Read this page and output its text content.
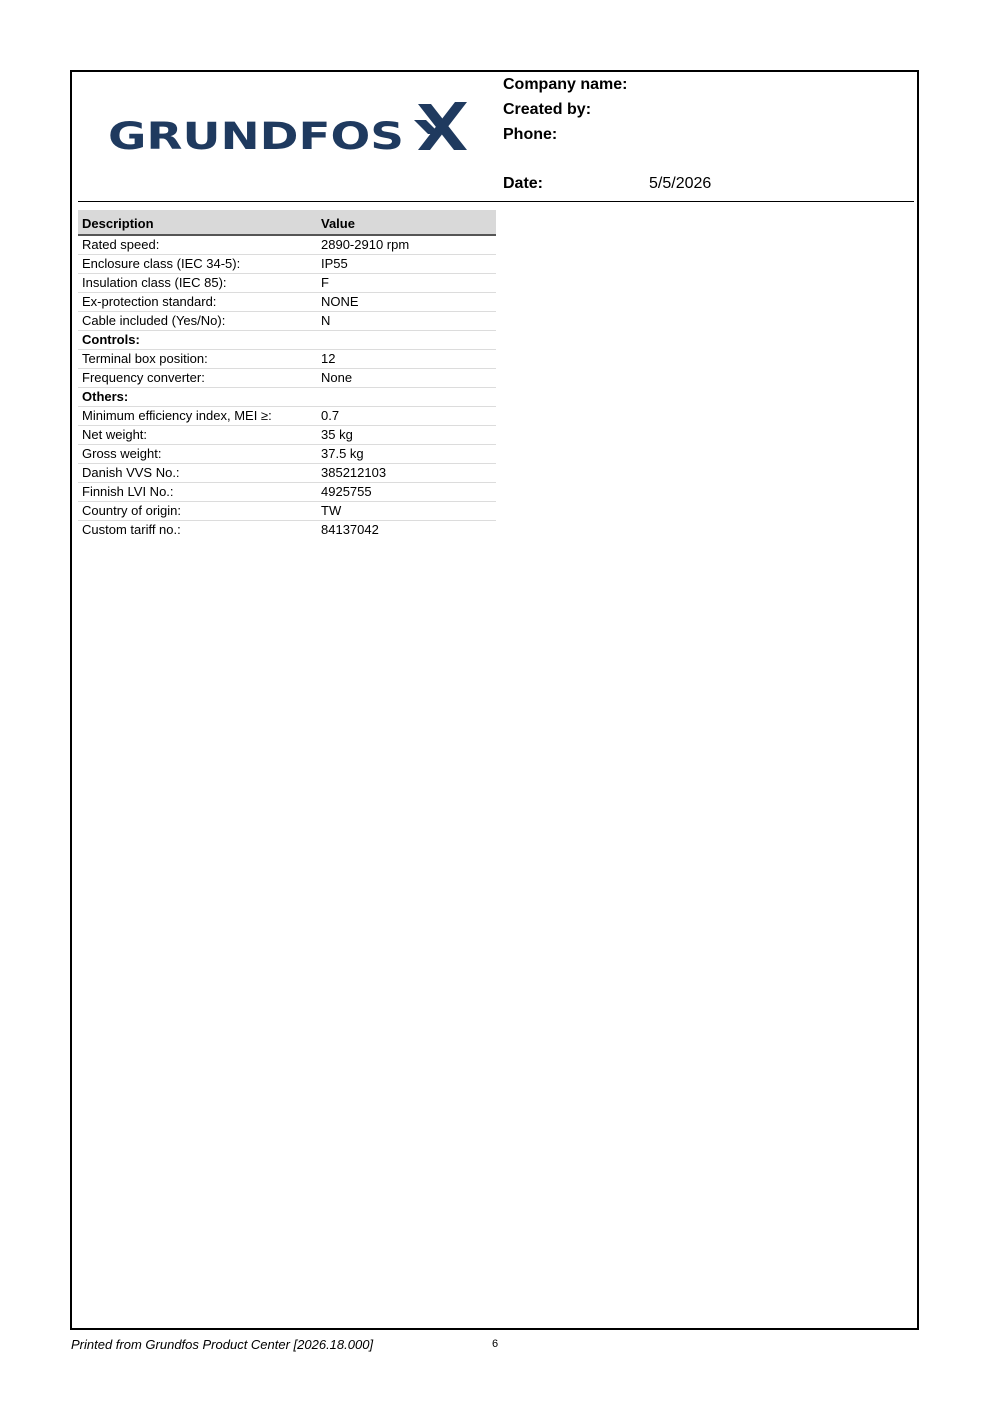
GRUNDFOS
Company name:
Created by:
Phone:
Date:	5/5/2026
Description	Value
Rated speed:	2890-2910 rpm
Enclosure class (IEC 34-5):	IP55
Insulation class (IEC 85):	F
Ex-protection standard:	NONE
Cable included (Yes/No):	N
Controls:	
Terminal box position:	12
Frequency converter:	None
Others:	
Minimum efficiency index, MEI ≥:	0.7
Net weight:	35 kg
Gross weight:	37.5 kg
Danish VVS No.:	385212103
Finnish LVI No.:	4925755
Country of origin:	TW
Custom tariff no.:	84137042
Printed from Grundfos Product Center [2026.18.000]	6
